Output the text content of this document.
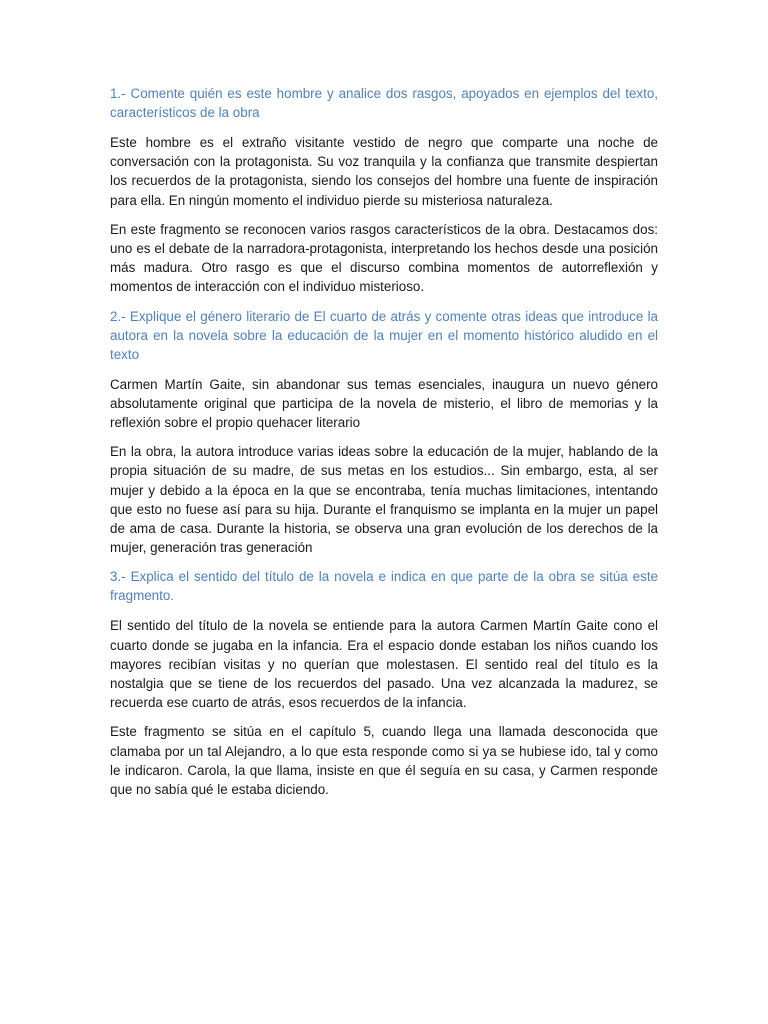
1.- Comente quién es este hombre y analice dos rasgos, apoyados en ejemplos del texto, característicos de la obra

Este hombre es el extraño visitante vestido de negro que comparte una noche de conversación con la protagonista. Su voz tranquila y la confianza que transmite despiertan los recuerdos de la protagonista, siendo los consejos del hombre una fuente de inspiración para ella. En ningún momento el individuo pierde su misteriosa naturaleza.

En este fragmento se reconocen varios rasgos característicos de la obra. Destacamos dos: uno es el debate de la narradora-protagonista, interpretando los hechos desde una posición más madura. Otro rasgo es que el discurso combina momentos de autorreflexión y momentos de interacción con el individuo misterioso.

2.- Explique el género literario de El cuarto de atrás y comente otras ideas que introduce la autora en la novela sobre la educación de la mujer en el momento histórico aludido en el texto

Carmen Martín Gaite, sin abandonar sus temas esenciales, inaugura un nuevo género absolutamente original que participa de la novela de misterio, el libro de memorias y la reflexión sobre el propio quehacer literario

En la obra, la autora introduce varias ideas sobre la educación de la mujer, hablando de la propia situación de su madre, de sus metas en los estudios... Sin embargo, esta, al ser mujer y debido a la época en la que se encontraba, tenía muchas limitaciones, intentando que esto no fuese así para su hija. Durante el franquismo se implanta en la mujer un papel de ama de casa. Durante la historia, se observa una gran evolución de los derechos de la mujer, generación tras generación

3.- Explica el sentido del título de la novela e indica en que parte de la obra se sitúa este fragmento.

El sentido del título de la novela se entiende para la autora Carmen Martín Gaite cono el cuarto donde se jugaba en la infancia. Era el espacio donde estaban los niños cuando los mayores recibían visitas y no querían que molestasen. El sentido real del título es la nostalgia que se tiene de los recuerdos del pasado. Una vez alcanzada la madurez, se recuerda ese cuarto de atrás, esos recuerdos de la infancia.

Este fragmento se sitúa en el capítulo 5, cuando llega una llamada desconocida que clamaba por un tal Alejandro, a lo que esta responde como si ya se hubiese ido, tal y como le indicaron. Carola, la que llama, insiste en que él seguía en su casa, y Carmen responde que no sabía qué le estaba diciendo.
